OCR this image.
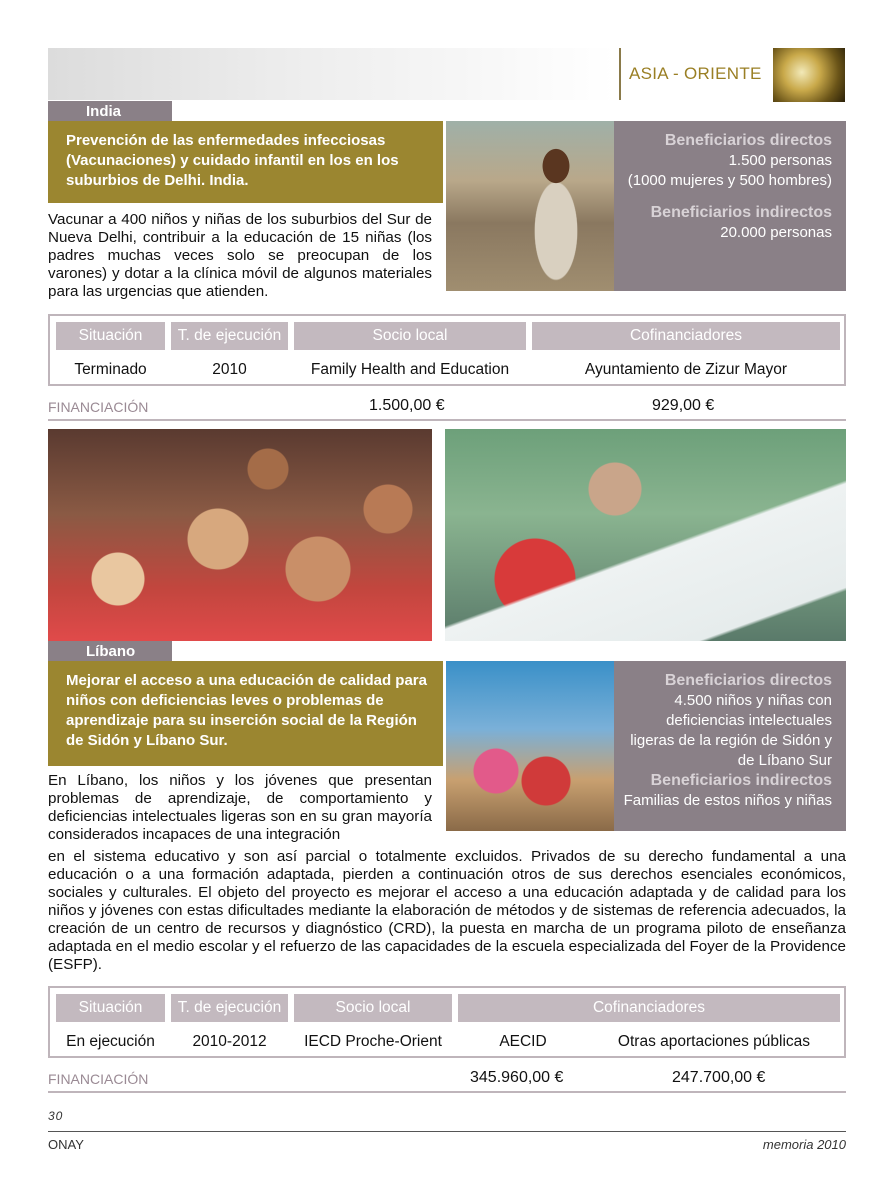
ASIA - ORIENTE
India
Prevención de las enfermedades infecciosas (Vacunaciones) y cuidado infantil en los en los suburbios de Delhi. India.
Beneficiarios directos
1.500 personas
(1000 mujeres y 500 hombres)
Beneficiarios indirectos
20.000 personas
Vacunar a 400 niños y niñas de los suburbios del Sur de Nueva Delhi, contribuir a la educación de 15 niñas (los padres muchas veces solo se preocupan de los varones) y dotar a la clínica móvil de algunos materiales para las urgencias que atienden.
Situación	T. de ejecución	Socio local	Cofinanciadores
Terminado	2010	Family Health and Education	Ayuntamiento de Zizur Mayor
FINANCIACIÓN	1.500,00 €	929,00 €
Líbano
Mejorar el acceso a una educación de calidad para niños con deficiencias leves o problemas de aprendizaje para su inserción social de la Región de Sidón y Líbano Sur.
Beneficiarios directos
4.500 niños y niñas con deficiencias intelectuales ligeras de la región de Sidón y de Líbano Sur
Beneficiarios indirectos
Familias de estos niños y niñas
En Líbano, los niños y los jóvenes que presentan problemas de aprendizaje, de comportamiento y deficiencias intelectuales ligeras son en su gran mayoría considerados incapaces de una integración
en el sistema educativo y son así parcial o totalmente excluidos. Privados de su derecho fundamental a una educación o a una formación adaptada, pierden a continuación otros de sus derechos esenciales económicos, sociales y culturales. El objeto del proyecto es mejorar el acceso a una educación adaptada y de calidad para los niños y jóvenes con estas dificultades mediante la elaboración de métodos y de sistemas de referencia adecuados, la creación de un centro de recursos y diagnóstico (CRD), la puesta en marcha de un programa piloto de enseñanza adaptada en el medio escolar y el refuerzo de las capacidades de la escuela especializada del Foyer de la Providence (ESFP).
Situación	T. de ejecución	Socio local	Cofinanciadores
En ejecución	2010-2012	IECD Proche-Orient	AECID	Otras aportaciones públicas
FINANCIACIÓN	345.960,00 €	247.700,00 €
30
ONAY	memoria 2010
